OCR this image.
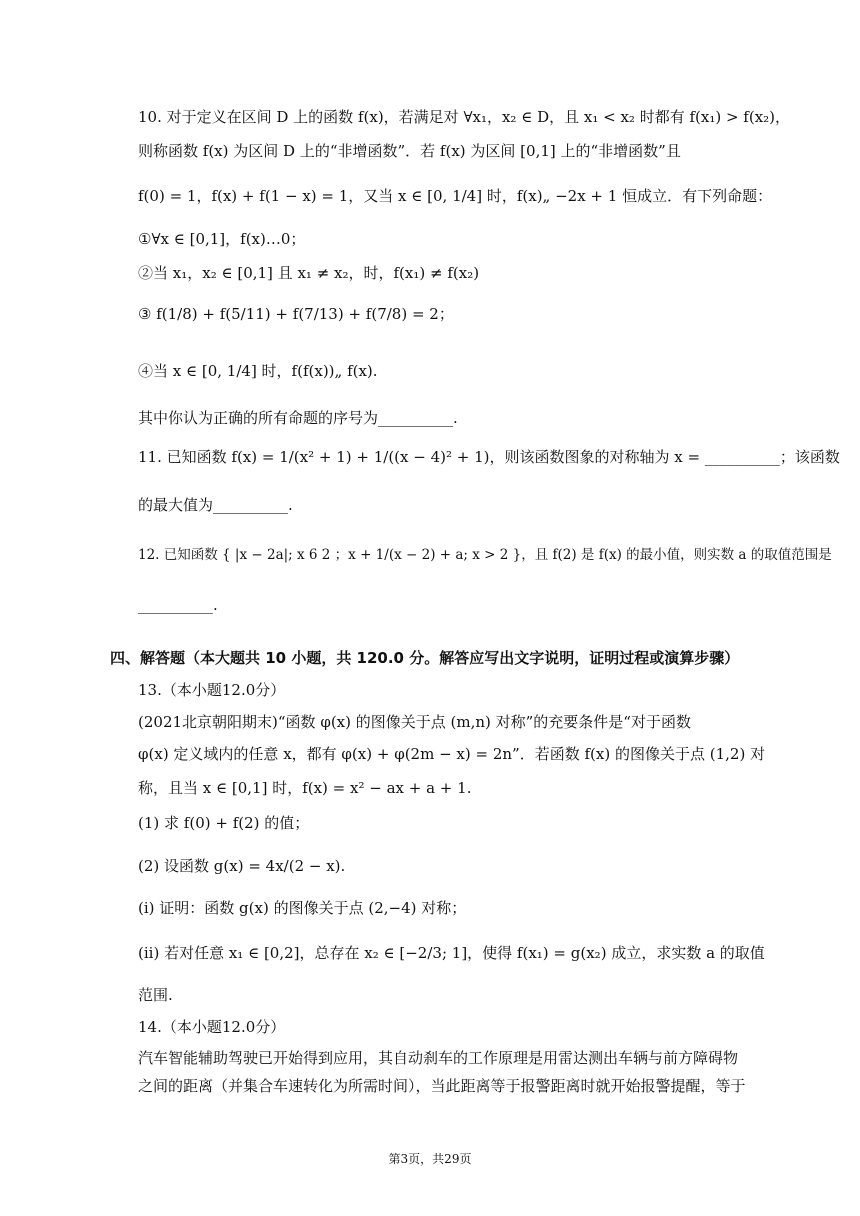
10. 对于定义在区间 D 上的函数 f(x)，若满足对 ∀x₁，x₂ ∈ D，且 x₁ < x₂ 时都有 f(x₁) > f(x₂)，
则称函数 f(x) 为区间 D 上的“非增函数”．若 f(x) 为区间 [0,1] 上的“非增函数”且
f(0) = 1，f(x) + f(1 − x) = 1，又当 x ∈ [0, 1/4] 时，f(x)„ −2x + 1 恒成立．有下列命题：
①∀x ∈ [0,1]，f(x)…0；
②当 x₁，x₂ ∈ [0,1] 且 x₁ ≠ x₂，时，f(x₁) ≠ f(x₂)
③ f(1/8) + f(5/11) + f(7/13) + f(7/8) = 2；
④当 x ∈ [0, 1/4] 时，f(f(x))„ f(x).
其中你认为正确的所有命题的序号为__________.
11. 已知函数 f(x) = 1/(x² + 1) + 1/((x − 4)² + 1)，则该函数图象的对称轴为 x = __________；该函数
的最大值为__________.
12. 已知函数 { |x − 2a|; x 6 2 ；x + 1/(x − 2) + a; x > 2 }，且 f(2) 是 f(x) 的最小值，则实数 a 的取值范围是
__________.
四、解答题（本大题共 10 小题，共 120.0 分。解答应写出文字说明，证明过程或演算步骤）
13.（本小题12.0分）
(2021北京朝阳期末)“函数 φ(x) 的图像关于点 (m,n) 对称”的充要条件是“对于函数
φ(x) 定义域内的任意 x，都有 φ(x) + φ(2m − x) = 2n”．若函数 f(x) 的图像关于点 (1,2) 对
称，且当 x ∈ [0,1] 时，f(x) = x² − ax + a + 1.
(1) 求 f(0) + f(2) 的值；
(2) 设函数 g(x) = 4x/(2 − x).
(i) 证明：函数 g(x) 的图像关于点 (2,−4) 对称；
(ii) 若对任意 x₁ ∈ [0,2]，总存在 x₂ ∈ [−2/3; 1]，使得 f(x₁) = g(x₂) 成立，求实数 a 的取值
范围.
14.（本小题12.0分）
汽车智能辅助驾驶已开始得到应用，其自动刹车的工作原理是用雷达测出车辆与前方障碍物
之间的距离（并集合车速转化为所需时间），当此距离等于报警距离时就开始报警提醒，等于
第3页，共29页
